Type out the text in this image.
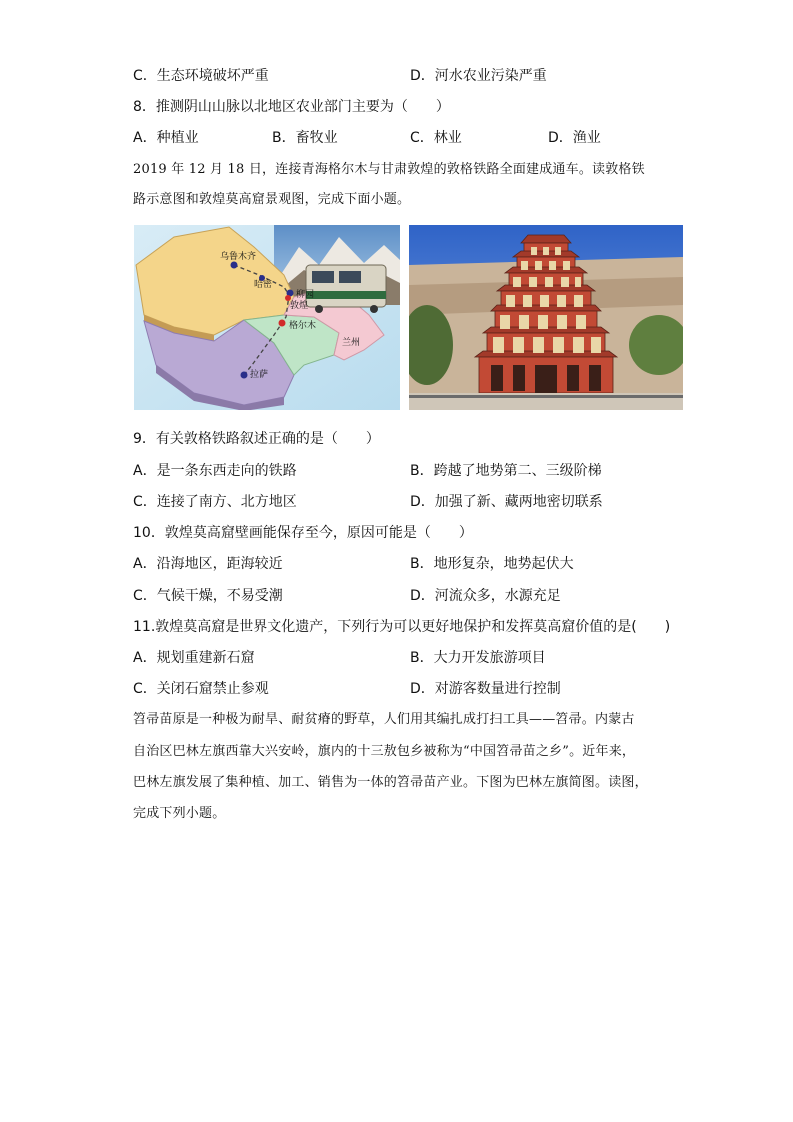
C．生态环境破坏严重	D．河水农业污染严重
8．推测阴山山脉以北地区农业部门主要为（　　）
A．种植业	B．畜牧业	C．林业	D．渔业
2019 年 12 月 18 日，连接青海格尔木与甘肃敦煌的敦格铁路全面建成通车。读敦格铁
路示意图和敦煌莫高窟景观图，完成下面小题。
乌鲁木齐
哈密
柳园
敦煌
格尔木
兰州
拉萨
9．有关敦格铁路叙述正确的是（　　）
A．是一条东西走向的铁路	B．跨越了地势第二、三级阶梯
C．连接了南方、北方地区	D．加强了新、藏两地密切联系
10．敦煌莫高窟壁画能保存至今，原因可能是（　　）
A．沿海地区，距海较近	B．地形复杂，地势起伏大
C．气候干燥，不易受潮	D．河流众多，水源充足
11.敦煌莫高窟是世界文化遗产，下列行为可以更好地保护和发挥莫高窟价值的是(　　)
A．规划重建新石窟	B．大力开发旅游项目
C．关闭石窟禁止参观	D．对游客数量进行控制
笤帚苗原是一种极为耐旱、耐贫瘠的野草，人们用其编扎成打扫工具——笤帚。内蒙古
自治区巴林左旗西靠大兴安岭，旗内的十三敖包乡被称为“中国笤帚苗之乡”。近年来，
巴林左旗发展了集种植、加工、销售为一体的笤帚苗产业。下图为巴林左旗简图。读图，
完成下列小题。
